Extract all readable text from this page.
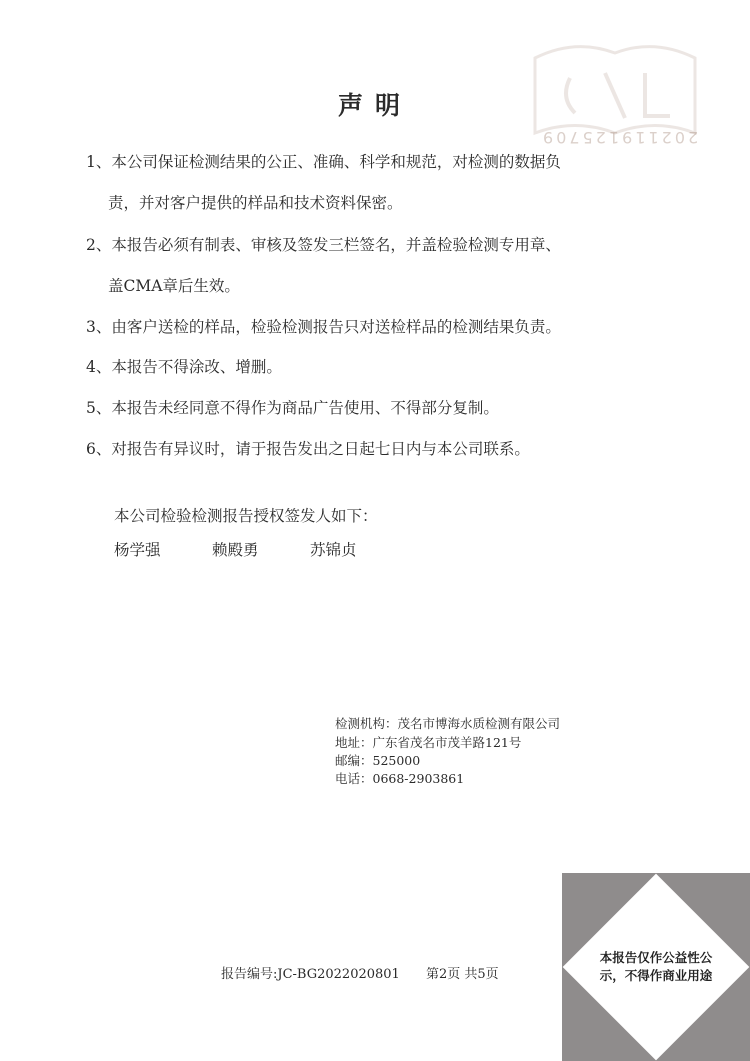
202119125709
声明
1、本公司保证检测结果的公正、准确、科学和规范，对检测的数据负
责，并对客户提供的样品和技术资料保密。
2、本报告必须有制表、审核及签发三栏签名，并盖检验检测专用章、
盖CMA章后生效。
3、由客户送检的样品，检验检测报告只对送检样品的检测结果负责。
4、本报告不得涂改、增删。
5、本报告未经同意不得作为商品广告使用、不得部分复制。
6、对报告有异议时，请于报告发出之日起七日内与本公司联系。
本公司检验检测报告授权签发人如下：
杨学强	赖殿勇	苏锦贞
检测机构：茂名市博海水质检测有限公司
地址：广东省茂名市茂羊路121号
邮编：525000
电话：0668-2903861
报告编号:JC-BG2022020801 第2页 共5页
本报告仅作公益性公
示，不得作商业用途
